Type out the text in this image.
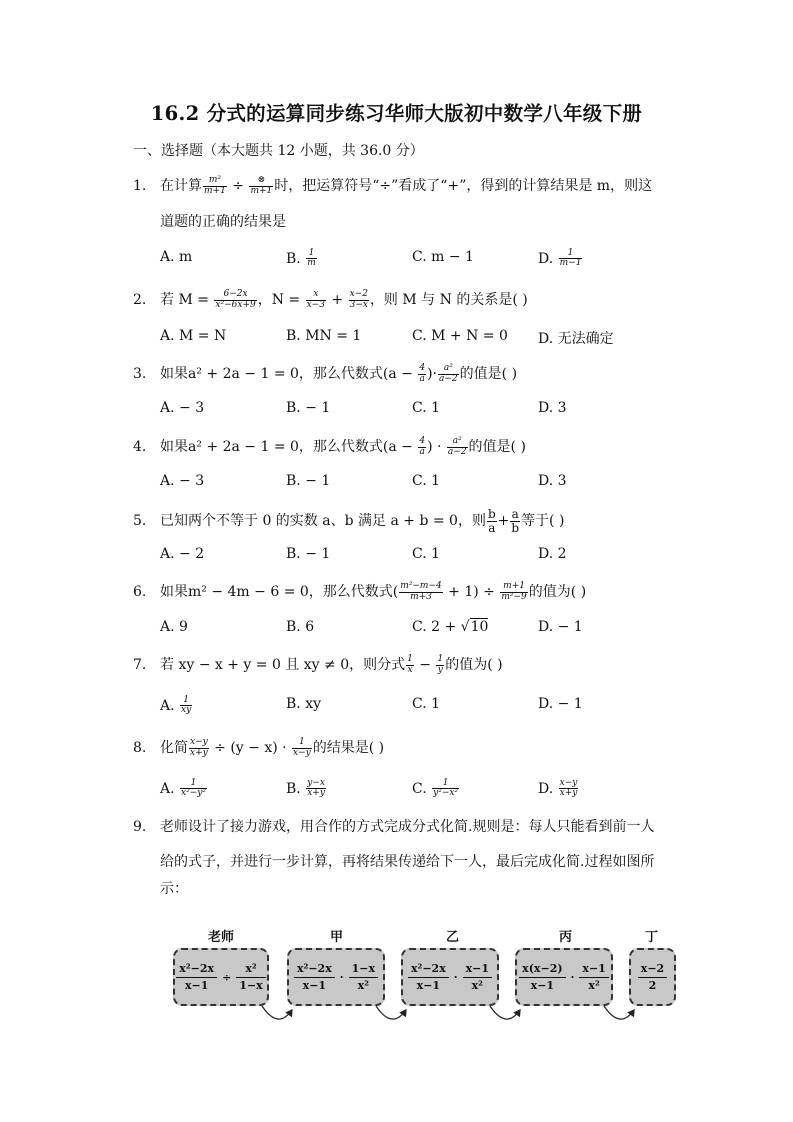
16.2 分式的运算同步练习华师大版初中数学八年级下册
一、选择题（本大题共 12 小题，共 36.0 分）
1. 在计算 $\frac{\text{m²}}{m+1} \div \frac{\otimes}{m+1}$ 时，把运算符号“÷”看成了“+”，得到的计算结果是 m，则这
道题的正确的结果是
A. m	B. $\frac{1}{m}$	C. m − 1	D. $\frac{1}{m-1}$
2. 若 $M = \frac{6-2x}{\text{x²−6x+9}}$ ，$N = \frac{x}{x-3} + \frac{x-2}{3-x}$ ，则 M 与 N 的关系是( )
A. M = N	B. MN = 1	C. M + N = 0 D. 无法确定
3. 如果a² + 2a − 1 = 0，那么代数式($a - \frac{4}{a}$ )· $\frac{\text{a²}}{a-2}$ 的值是( )
A. − 3	B. − 1	C. 1	D. 3
4. 如果a² + 2a − 1 = 0，那么代数式($a - \frac{4}{a}$ ) · $\frac{\text{a²}}{a-2}$ 的值是( )
A. − 3	B. − 1	C. 1	D. 3
5. 已知两个不等于 0 的实数 a、b 满足 a + b = 0，则 $\frac{b}{a} + \frac{a}{b}$ 等于( )
A. − 2	B. − 1	C. 1	D. 2
6. 如果m² − 4m − 6 = 0，那么代数式( $\frac{\text{m²−m−4}}{m+3} + 1) \div \frac{m+1}{\text{m²−9}}$ 的值为( )
A. 9	B. 6	C. 2 + √10	D. − 1
7. 若 xy − x + y = 0 且 xy ≠ 0，则分式 $\frac{1}{x} - \frac{1}{y}$ 的值为( )
A. $\frac{1}{xy}$	B. xy	C. 1	D. − 1
8. 化简 $\frac{x-y}{x+y} \div (y - x) \cdot \frac{1}{x-y}$ 的结果是( )
A. $\frac{1}{\text{x²−y²}}$	B. $\frac{y-x}{x+y}$	C. $\frac{1}{\text{y²−x²}}$	D. $\frac{x-y}{x+y}$
9. 老师设计了接力游戏，用合作的方式完成分式化简.规则是：每人只能看到前一人
给的式子，并进行一步计算，再将结果传递给下一人，最后完成化简.过程如图所
示：
老师	甲	乙	丙	丁
$\frac{\text{x²−2x}}{x-1} \div \frac{\text{x²}}{1-x}$	$\frac{\text{x²−2x}}{x-1} \cdot \frac{1-x}{\text{x²}}$	$\frac{\text{x²−2x}}{x-1} \cdot \frac{x-1}{\text{x²}} \frac{x(x-2)}{x-1} \cdot \frac{x-1}{\text{x²}}$	$\frac{x-2}{2}$
